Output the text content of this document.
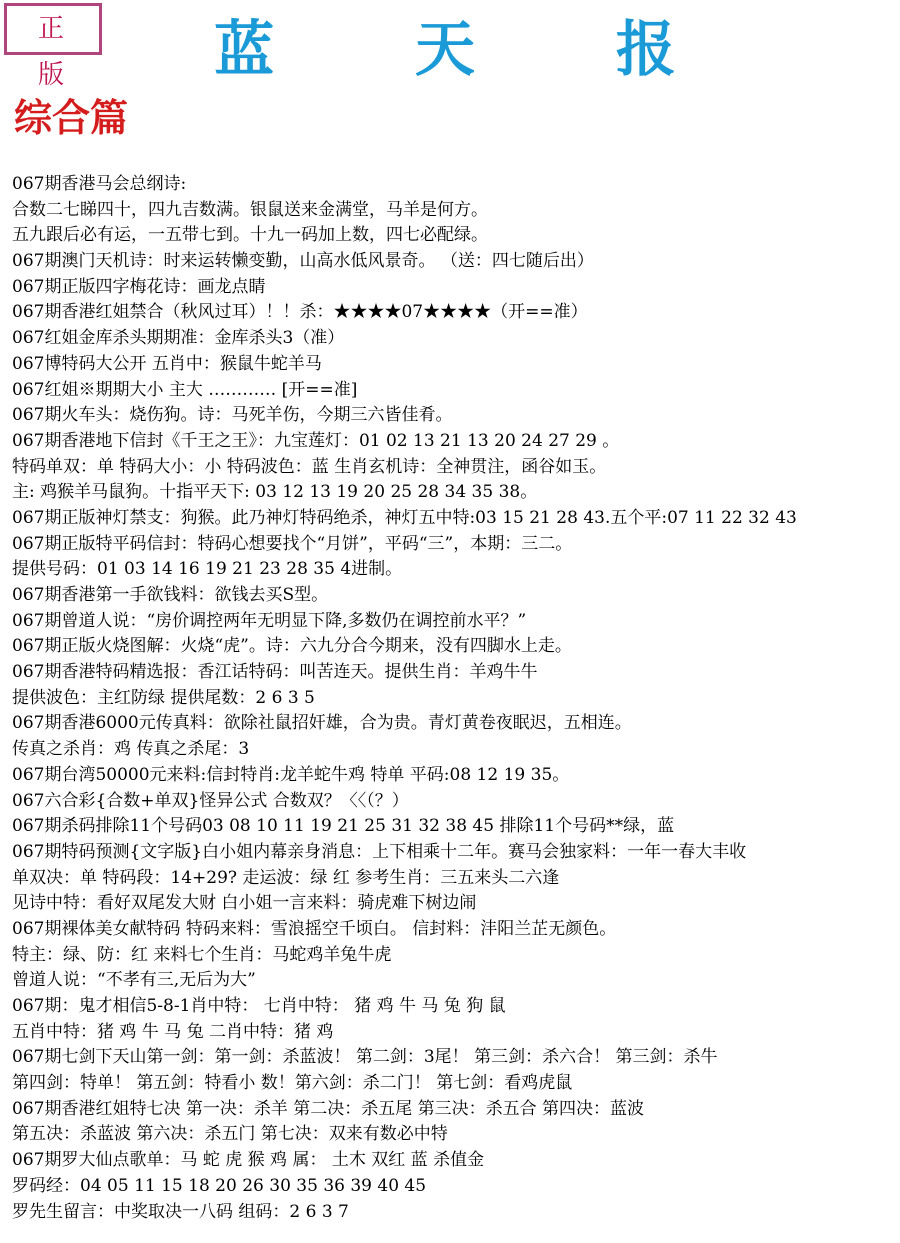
正 版	蓝 天 报
综合篇
067期香港马会总纲诗:
合数二七睇四十，四九吉数满。银鼠送来金满堂，马羊是何方。
五九跟后必有运，一五带七到。十九一码加上数，四七必配绿。
067期澳门天机诗：时来运转懒变勤，山高水低风景奇。 （送：四七随后出）
067期正版四字梅花诗：画龙点睛
067期香港红姐禁合（秋风过耳）！！杀：★★★★07★★★★（开==准）
067红姐金库杀头期期准：金库杀头3（准）
067博特码大公开 五肖中：猴鼠牛蛇羊马
067红姐※期期大小 主大 ………… [开==准]
067期火车头：烧伤狗。诗：马死羊伤，今期三六皆佳肴。
067期香港地下信封《千王之王》：九宝莲灯：01 02 13 21 13 20 24 27 29 。
特码单双：单 特码大小：小 特码波色：蓝 生肖玄机诗：全神贯注，函谷如玉。
主: 鸡猴羊马鼠狗。十指平天下: 03 12 13 19 20 25 28 34 35 38。
067期正版神灯禁支：狗猴。此乃神灯特码绝杀，神灯五中特:03 15 21 28 43.五个平:07 11 22 32 43
067期正版特平码信封：特码心想要找个“月饼”，平码“三”，本期：三二。
提供号码：01 03 14 16 19 21 23 28 35 4进制。
067期香港第一手欲钱料：欲钱去买S型。
067期曾道人说：“房价调控两年无明显下降,多数仍在调控前水平？”
067期正版火烧图解：火烧“虎”。诗：六九分合今期来，没有四脚水上走。
067期香港特码精选报：香江话特码：叫苦连天。提供生肖：羊鸡牛牛
提供波色：主红防绿 提供尾数：2 6 3 5
067期香港6000元传真料：欲除社鼠招奸雄，合为贵。青灯黄卷夜眠迟，五相连。
传真之杀肖：鸡 传真之杀尾：3
067期台湾50000元来料:信封特肖:龙羊蛇牛鸡 特单 平码:08 12 19 35。
067六合彩{合数+单双}怪异公式 合数双？〈〈（？）
067期杀码排除11个号码03 08 10 11 19 21 25 31 32 38 45 排除11个号码**绿，蓝
067期特码预测{文字版}白小姐内幕亲身消息：上下相乘十二年。赛马会独家料：一年一春大丰收
单双决：单 特码段：14+29? 走运波：绿 红 参考生肖：三五来头二六逢
见诗中特：看好双尾发大财 白小姐一言来料：骑虎难下树边闹
067期裸体美女献特码 特码来料：雪浪摇空千顷白。 信封料：沣阳兰芷无颜色。
特主：绿、防：红 来料七个生肖：马蛇鸡羊兔牛虎
曾道人说：“不孝有三,无后为大”
067期：鬼才相信5-8-1肖中特： 七肖中特： 猪 鸡 牛 马 兔 狗 鼠
五肖中特：猪 鸡 牛 马 兔 二肖中特：猪 鸡
067期七剑下天山第一剑：第一剑：杀蓝波！ 第二剑：3尾！ 第三剑：杀六合！ 第三剑：杀牛
第四剑：特单！ 第五剑：特看小 数！第六剑：杀二门！ 第七剑：看鸡虎鼠
067期香港红姐特七决 第一决：杀羊 第二决：杀五尾 第三决：杀五合 第四决：蓝波
第五决：杀蓝波 第六决：杀五门 第七决：双来有数必中特
067期罗大仙点歌单：马 蛇 虎 猴 鸡 属： 土木 双红 蓝 杀值金
罗码经：04 05 11 15 18 20 26 30 35 36 39 40 45
罗先生留言：中奖取决一八码 组码：2 6 3 7
